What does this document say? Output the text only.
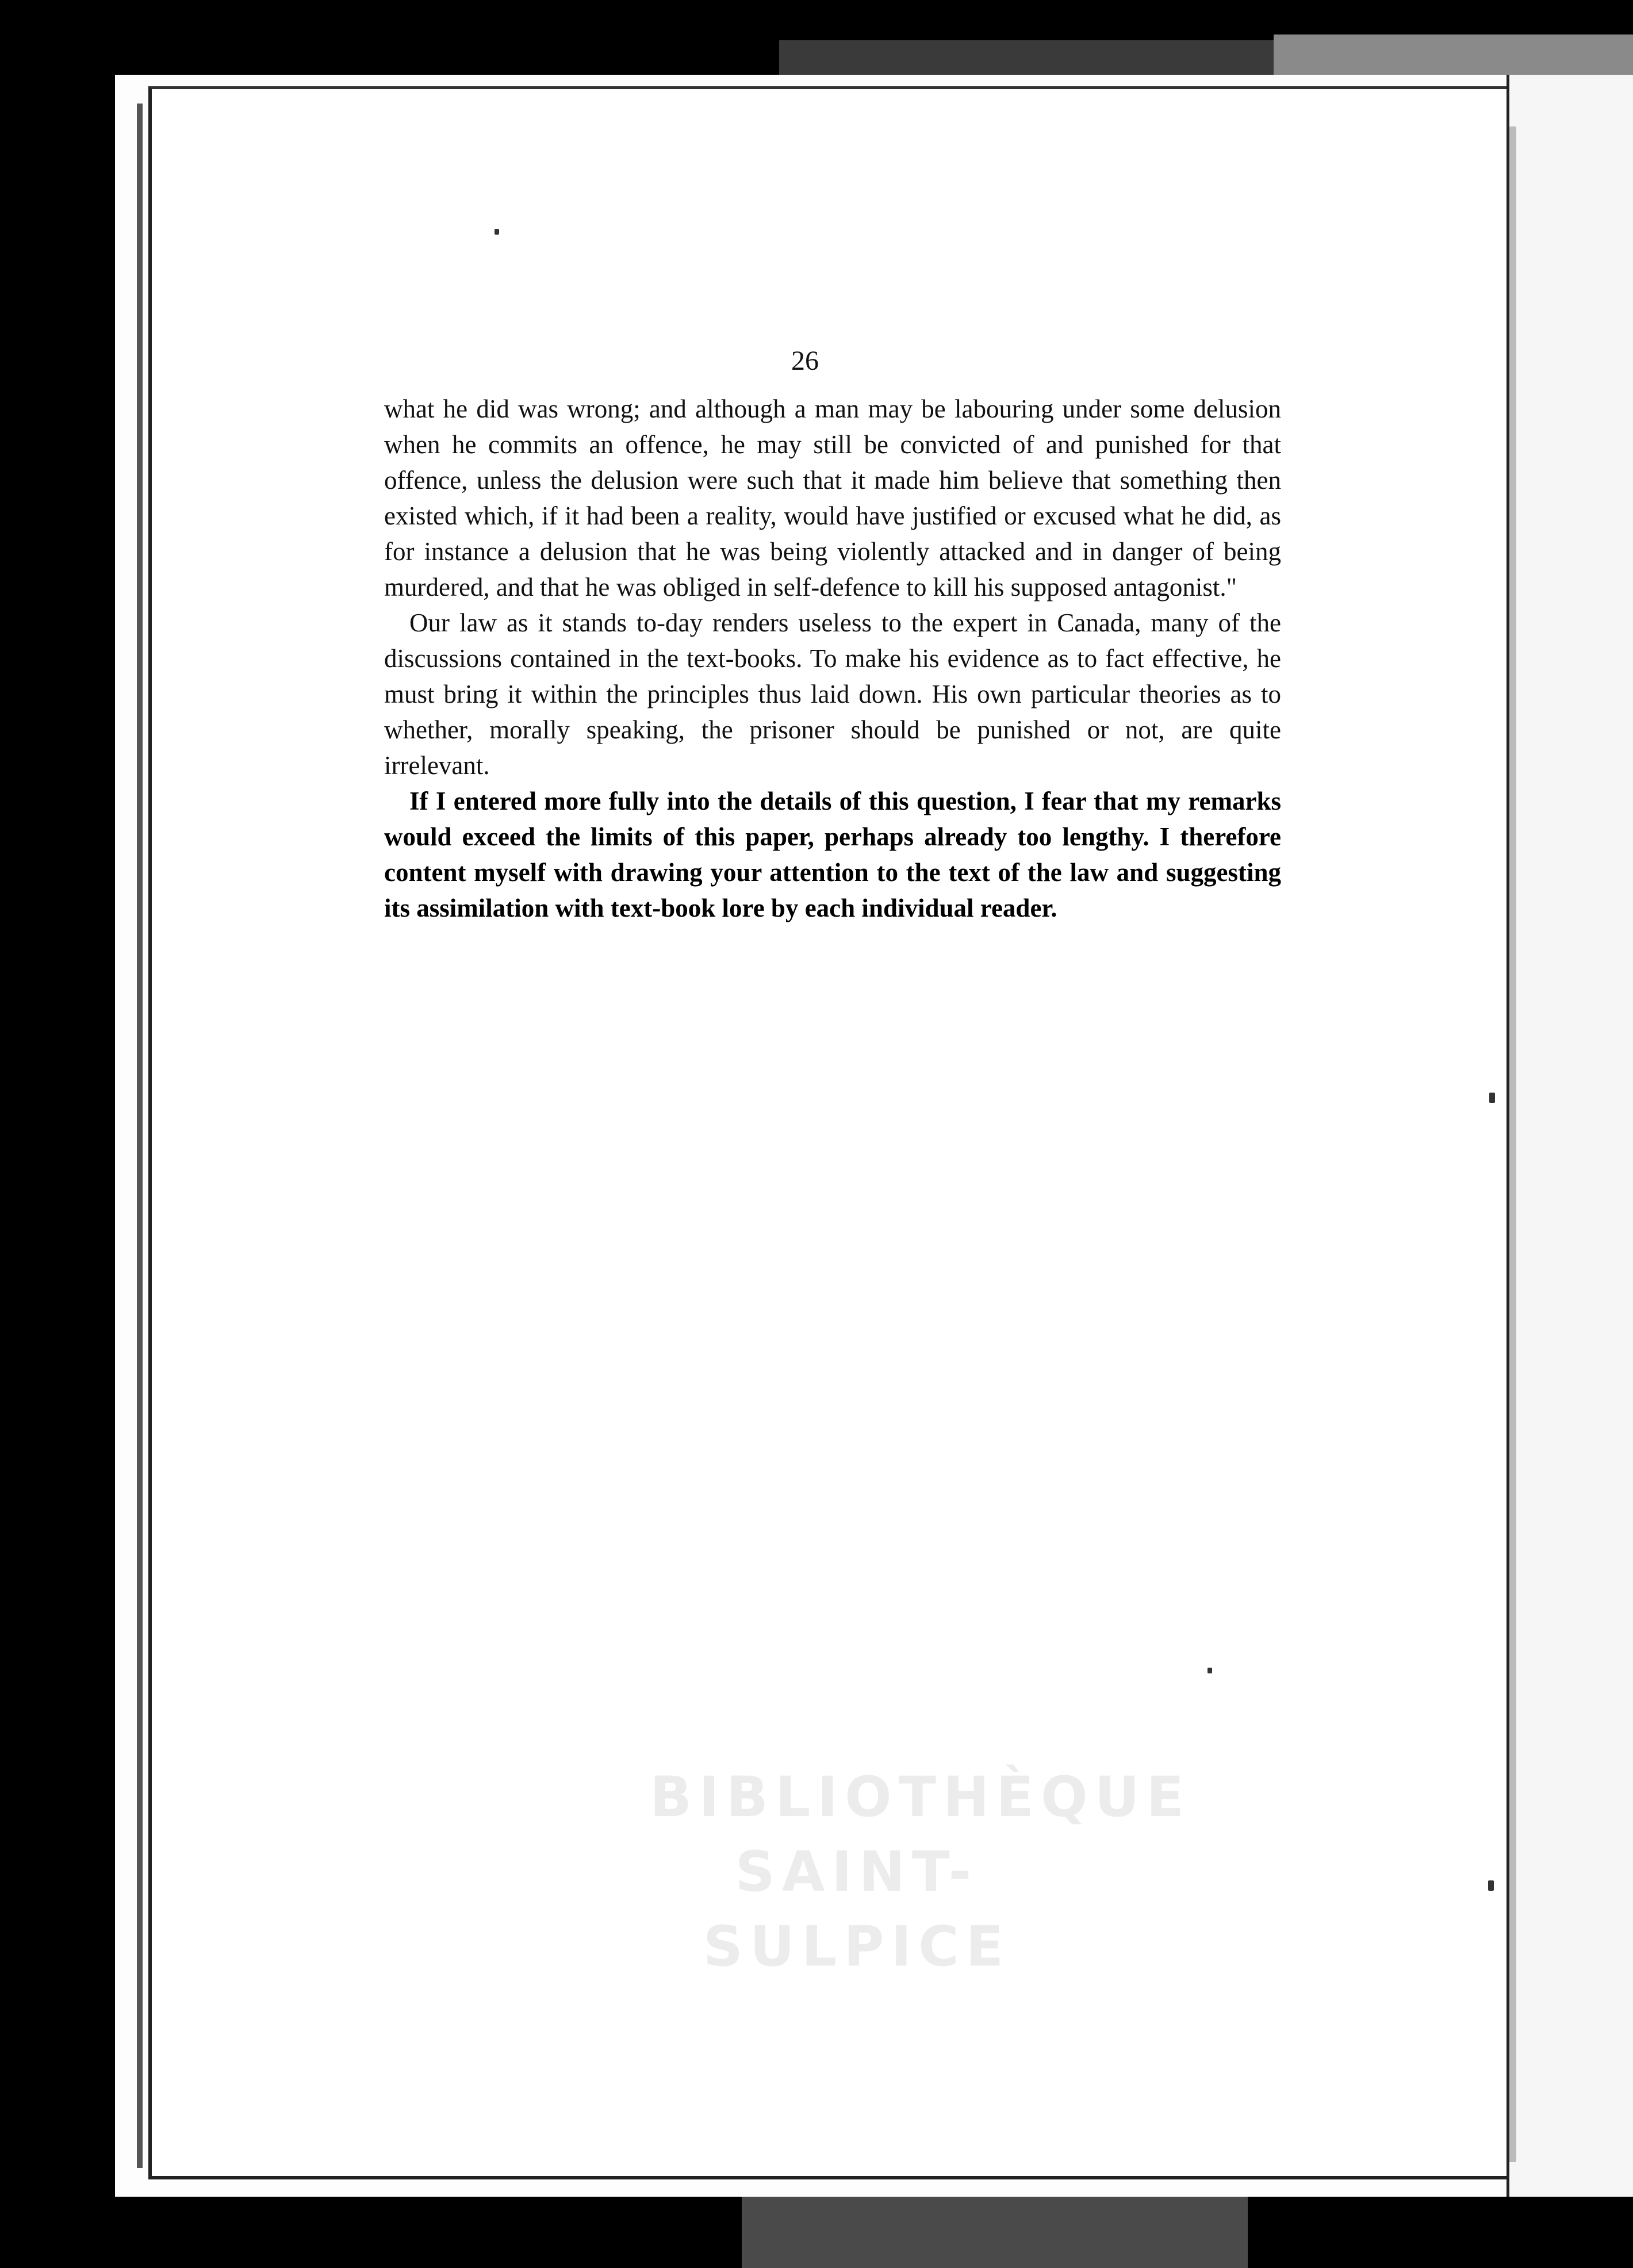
26

what he did was wrong; and although a man may be labouring under some delusion when he commits an offence, he may still be convicted of and punished for that offence, unless the delusion were such that it made him believe that something then existed which, if it had been a reality, would have justified or excused what he did, as for instance a delusion that he was being violently attacked and in danger of being murdered, and that he was obliged in self-defence to kill his supposed antagonist."

Our law as it stands to-day renders useless to the expert in Canada, many of the discussions contained in the text-books. To make his evidence as to fact effective, he must bring it within the principles thus laid down. His own particular theories as to whether, morally speaking, the prisoner should be punished or not, are quite irrelevant.

If I entered more fully into the details of this question, I fear that my remarks would exceed the limits of this paper, perhaps already too lengthy. I therefore content myself with drawing your attention to the text of the law and suggesting its assimilation with text-book lore by each individual reader.

BIBLIOTHÈQUE
SAINT-SULPICE
